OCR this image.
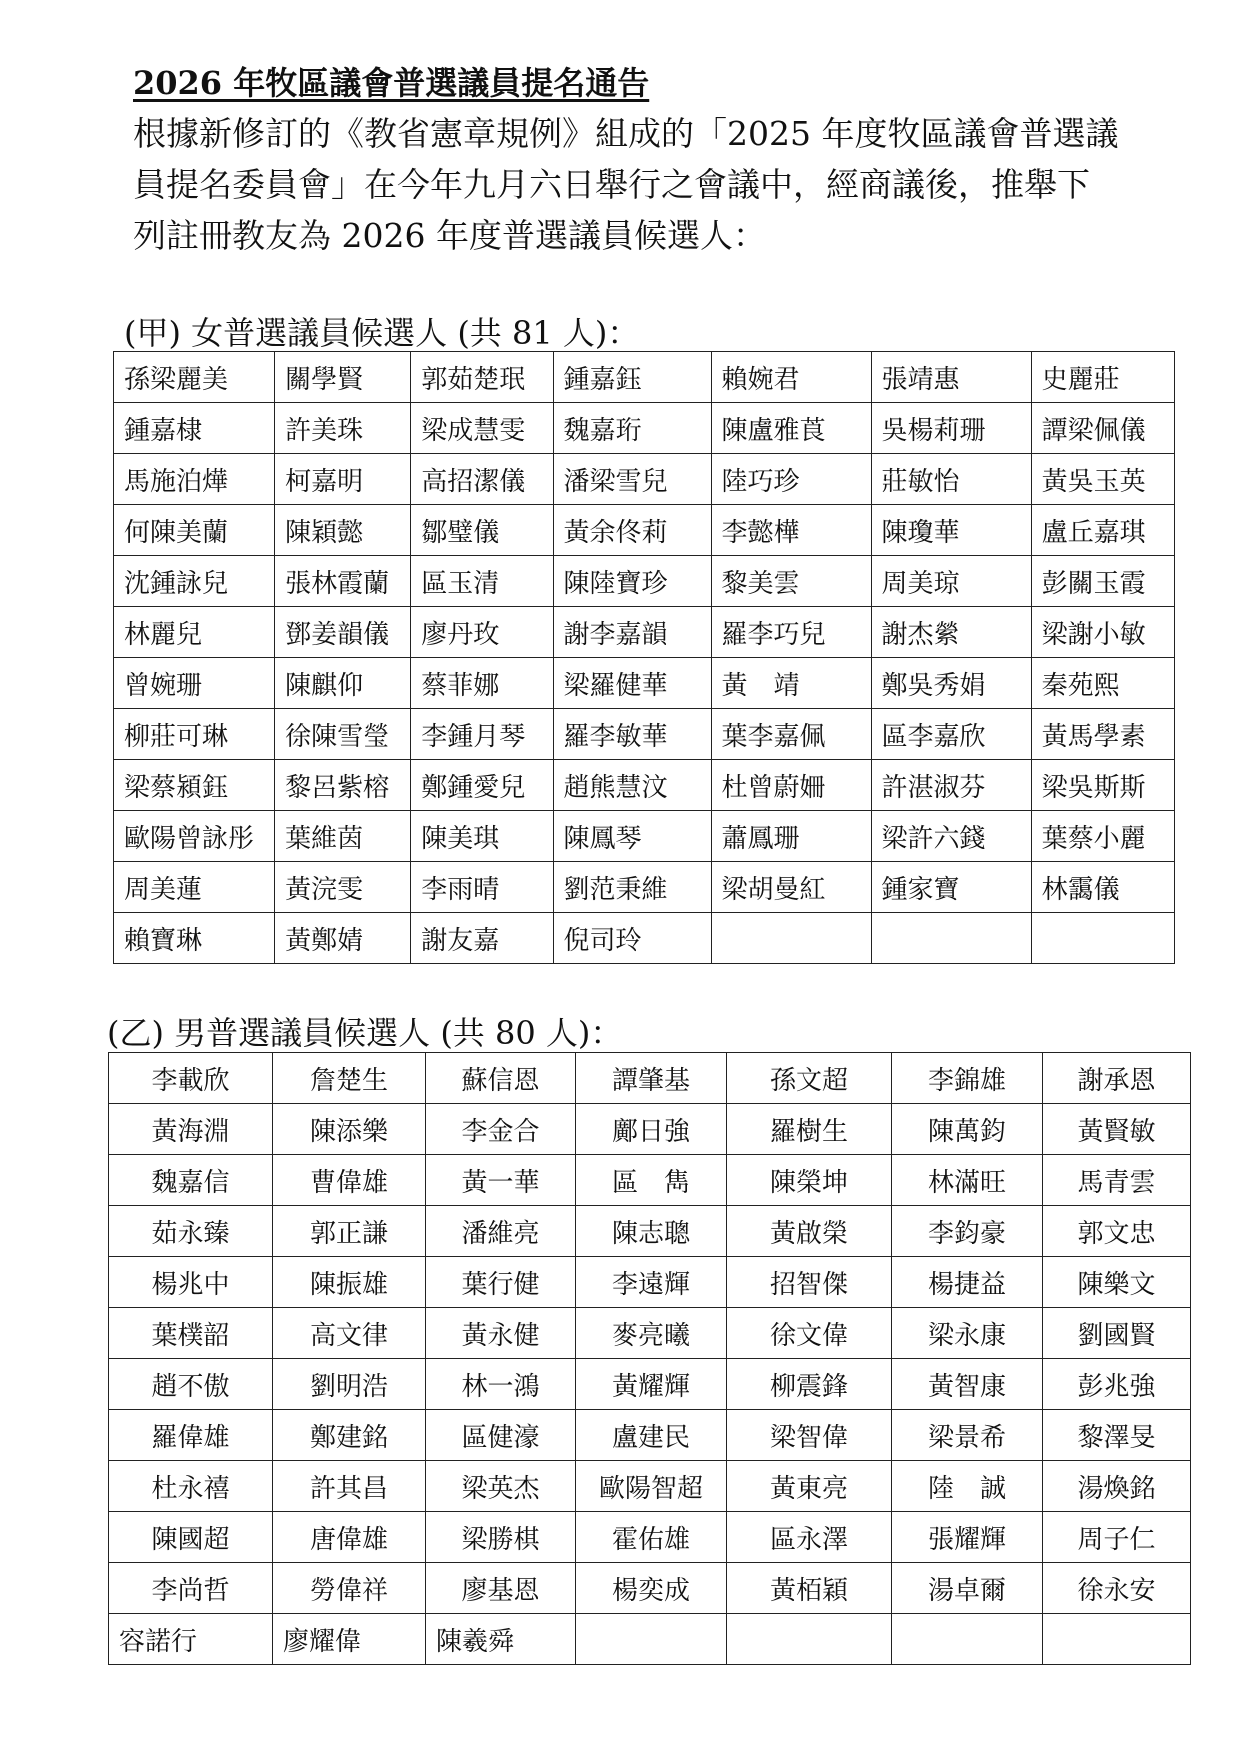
2026 年牧區議會普選議員提名通告
根據新修訂的《教省憲章規例》組成的「2025 年度牧區議會普選議
員提名委員會」在今年九月六日舉行之會議中，經商議後，推舉下
列註冊教友為 2026 年度普選議員候選人：
(甲) 女普選議員候選人 (共 81 人)：
孫梁麗美	關學賢	郭茹楚珉	鍾嘉鈺	賴婉君	張靖惠	史麗莊
鍾嘉棣	許美珠	梁成慧雯	魏嘉珩	陳盧雅莨	吳楊莉珊	譚梁佩儀
馬施泊燁	柯嘉明	高招潔儀	潘梁雪兒	陸巧珍	莊敏怡	黃吳玉英
何陳美蘭	陳穎懿	鄒璧儀	黃余佟莉	李懿樺	陳瓊華	盧丘嘉琪
沈鍾詠兒	張林霞蘭	區玉清	陳陸寶珍	黎美雲	周美琼	彭關玉霞
林麗兒	鄧姜韻儀	廖丹玫	謝李嘉韻	羅李巧兒	謝杰縈	梁謝小敏
曾婉珊	陳麒仰	蔡菲娜	梁羅健華	黃　靖	鄭吳秀娟	秦苑熙
柳莊可琳	徐陳雪瑩	李鍾月琴	羅李敏華	葉李嘉佩	區李嘉欣	黃馬學素
梁蔡潁鈺	黎呂紫榕	鄭鍾愛兒	趙熊慧汶	杜曾蔚姍	許湛淑芬	梁吳斯斯
歐陽曾詠彤	葉維茵	陳美琪	陳鳳琴	蕭鳳珊	梁許六錢	葉蔡小麗
周美蓮	黃浣雯	李雨晴	劉范秉維	梁胡曼紅	鍾家寶	林靄儀
賴寶琳	黃鄭婧	謝友嘉	倪司玲			
(乙) 男普選議員候選人 (共 80 人)：
李載欣	詹楚生	蘇信恩	譚肇基	孫文超	李錦雄	謝承恩
黃海淵	陳添樂	李金合	鄺日強	羅樹生	陳萬鈞	黃賢敏
魏嘉信	曹偉雄	黃一華	區　雋	陳榮坤	林滿旺	馬青雲
茹永臻	郭正謙	潘維亮	陳志聰	黃啟榮	李鈞豪	郭文忠
楊兆中	陳振雄	葉行健	李遠輝	招智傑	楊捷益	陳樂文
葉樸韶	高文律	黃永健	麥亮曦	徐文偉	梁永康	劉國賢
趙不傲	劉明浩	林一鴻	黃耀輝	柳震鋒	黃智康	彭兆強
羅偉雄	鄭建銘	區健濠	盧建民	梁智偉	梁景希	黎澤旻
杜永禧	許其昌	梁英杰	歐陽智超	黃東亮	陸　誠	湯煥銘
陳國超	唐偉雄	梁勝棋	霍佑雄	區永澤	張耀輝	周子仁
李尚哲	勞偉祥	廖基恩	楊奕成	黃栢穎	湯卓爾	徐永安
容諾行	廖耀偉	陳羲舜				
